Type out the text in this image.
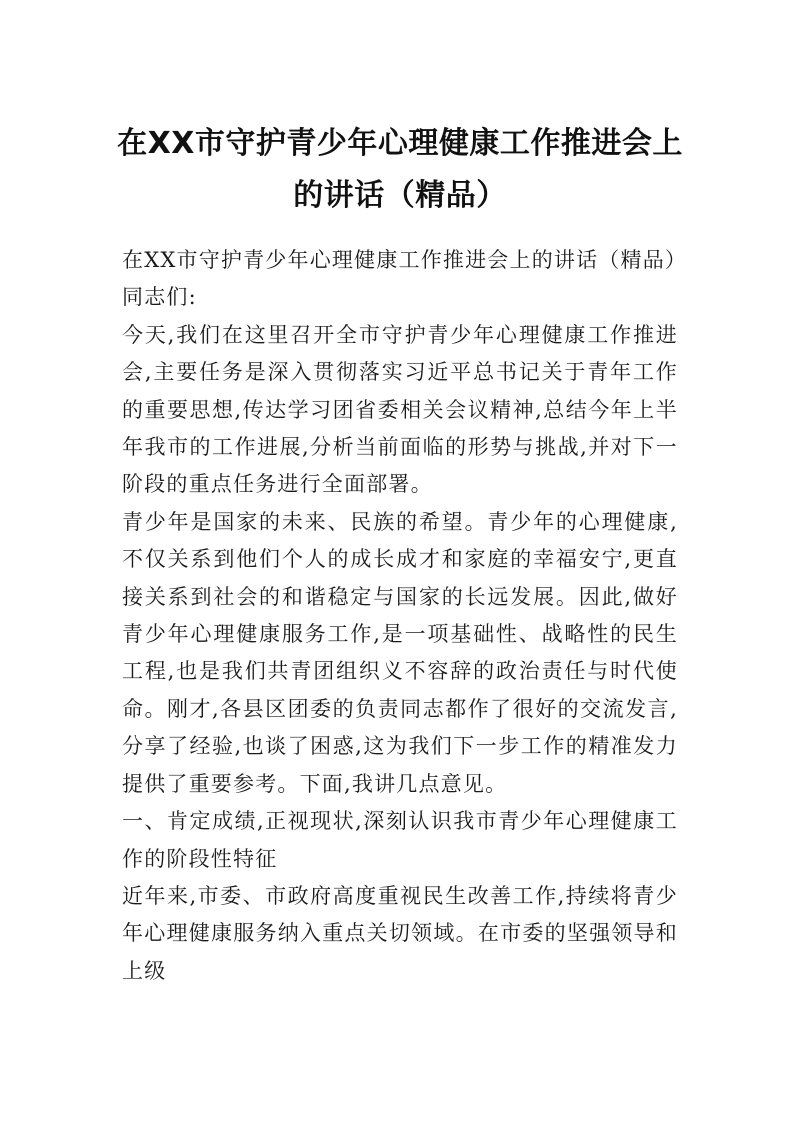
在XX市守护青少年心理健康工作推进会上的讲话（精品）

在XX市守护青少年心理健康工作推进会上的讲话（精品）

同志们:

今天,我们在这里召开全市守护青少年心理健康工作推进会,主要任务是深入贯彻落实习近平总书记关于青年工作的重要思想,传达学习团省委相关会议精神,总结今年上半年我市的工作进展,分析当前面临的形势与挑战,并对下一阶段的重点任务进行全面部署。

青少年是国家的未来、民族的希望。青少年的心理健康,不仅关系到他们个人的成长成才和家庭的幸福安宁,更直接关系到社会的和谐稳定与国家的长远发展。因此,做好青少年心理健康服务工作,是一项基础性、战略性的民生工程,也是我们共青团组织义不容辞的政治责任与时代使命。刚才,各县区团委的负责同志都作了很好的交流发言,分享了经验,也谈了困惑,这为我们下一步工作的精准发力提供了重要参考。下面,我讲几点意见。

一、肯定成绩,正视现状,深刻认识我市青少年心理健康工作的阶段性特征

近年来,市委、市政府高度重视民生改善工作,持续将青少年心理健康服务纳入重点关切领域。在市委的坚强领导和上级
